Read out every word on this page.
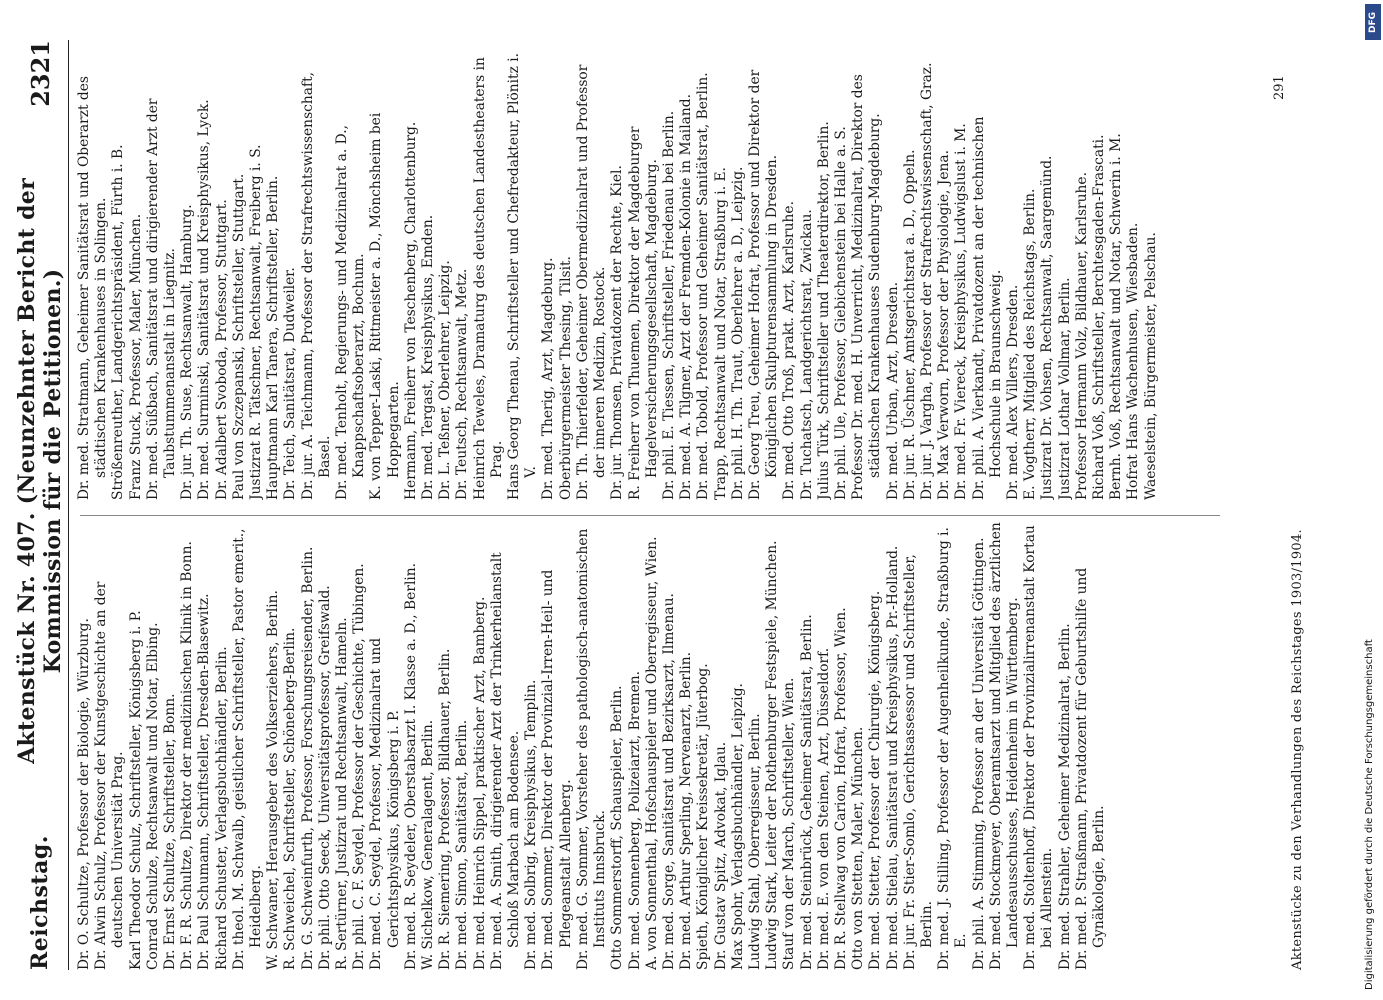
Reichstag.
Aktenstück Nr. 407. (Neunzehnter Bericht der Kommission für die Petitionen.)
2321

Dr. O. Schultze, Professor der Biologie, Würzburg. Dr. Alwin Schulz, Professor der Kunstgeschichte an der deutschen Universität Prag. Karl Theodor Schulz, Schriftsteller, Königsberg i. P. Conrad Schulze, Rechtsanwalt und Notar, Elbing. Dr. Ernst Schultze, Schriftsteller, Bonn. Dr. F. R. Schultze, Direktor der medizinischen Klinik in Bonn. Dr. Paul Schumann, Schriftsteller, Dresden-Blasewitz. Richard Schuster, Verlagsbuchhändler, Berlin. Dr. theol. M. Schwalb, geistlicher Schriftsteller, Pastor emerit., Heidelberg. W. Schwaner, Herausgeber des Volkserziehers, Berlin. R. Schweichel, Schriftsteller, Schöneberg-Berlin. Dr. G. Schweinfurth, Professor, Forschungsreisender, Berlin. Dr. phil. Otto Seeck, Universitätsprofessor, Greifswald. R. Sertürner, Justizrat und Rechtsanwalt, Hameln. Dr. phil. C. F. Seydel, Professor der Geschichte, Tübingen. Dr. med. C. Seydel, Professor, Medizinalrat und Gerichtsphysikus, Königsberg i. P. Dr. med. R. Seydeler, Oberstabsarzt I. Klasse a. D., Berlin. W. Sichelkow, Generalagent, Berlin. Dr. R. Siemering, Professor, Bildhauer, Berlin. Dr. med. Simon, Sanitätsrat, Berlin. Dr. med. Heinrich Sippel, praktischer Arzt, Bamberg. Dr. med. A. Smith, dirigierender Arzt der Trinkerheilanstalt Schloß Marbach am Bodensee. Dr. med. Solbrig, Kreisphysikus, Templin. Dr. med. Sommer, Direktor der Provinzial-Irren-Heil- und Pflegeanstalt Allenberg. Dr. med. G. Sommer, Vorsteher des pathologisch-anatomischen Instituts Innsbruck. Otto Sommerstorff, Schauspieler, Berlin. Dr. med. Sonnenberg, Polizeiarzt, Bremen. A. von Sonnenthal, Hofschauspieler und Oberregisseur, Wien. Dr. med. Sorge, Sanitätsrat und Bezirksarzt, Ilmenau. Dr. med. Arthur Sperling, Nervenarzt, Berlin. Spieth, Königlicher Kreissekretär, Jüterbog. Dr. Gustav Spitz, Advokat, Iglau. Max Spohr, Verlagsbuchhändler, Leipzig. Ludwig Stahl, Oberregisseur, Berlin. Ludwig Stark, Leiter der Rothenburger Festspiele, München. Stauf von der March, Schriftsteller, Wien. Dr. med. Steinbrück, Geheimer Sanitätsrat, Berlin. Dr. med. E. von den Steinen, Arzt, Düsseldorf. Dr. R. Stellwag von Carion, Hofrat, Professor, Wien. Otto von Stetten, Maler, München. Dr. med. Stetter, Professor der Chirurgie, Königsberg. Dr. med. Stielau, Sanitätsrat und Kreisphysikus, Pr.-Holland. Dr. jur. Fr. Stier-Somlo, Gerichtsassessor und Schriftsteller, Berlin. Dr. med. J. Stilling, Professor der Augenheilkunde, Straßburg i. E. Dr. phil. A. Stimming, Professor an der Universität Göttingen. Dr. med. Stockmeyer, Oberamtsarzt und Mitglied des ärztlichen Landesausschusses, Heidenheim in Württemberg. Dr. med. Stoltenhoff, Direktor der Provinzialirrenanstalt Kortau bei Allenstein. Dr. med. Strahler, Geheimer Medizinalrat, Berlin. Dr. med. P. Straßmann, Privatdozent für Geburtshilfe und Gynäkologie, Berlin.

Dr. med. Stratmann, Geheimer Sanitätsrat und Oberarzt des städtischen Krankenhauses in Solingen. Strößenreuther, Landgerichtspräsident, Fürth i. B. Franz Stuck, Professor, Maler, München. Dr. med. Süßbach, Sanitätsrat und dirigierender Arzt der Taubstummenanstalt in Liegnitz. Dr. jur. Th. Suse, Rechtsanwalt, Hamburg. Dr. med. Surminski, Sanitätsrat und Kreisphysikus, Lyck. Dr. Adalbert Svoboda, Professor, Stuttgart. Paul von Szczepanski, Schriftsteller, Stuttgart. Justizrat R. Tätschner, Rechtsanwalt, Freiberg i. S. Hauptmann Karl Tanera, Schriftsteller, Berlin. Dr. Teich, Sanitätsrat, Dudweiler. Dr. jur. A. Teichmann, Professor der Strafrechtswissenschaft, Basel. Dr. med. Tenholt, Regierungs- und Medizinalrat a. D., Knappschaftsoberarzt, Bochum. K. von Tepper-Laski, Rittmeister a. D., Mönchsheim bei Hoppegarten. Hermann, Freiherr von Teschenberg, Charlottenburg. Dr. med. Tergast, Kreisphysikus, Emden. Dr. L. Teßner, Oberlehrer, Leipzig. Dr. Teutsch, Rechtsanwalt, Metz. Heinrich Teweles, Dramaturg des deutschen Landestheaters in Prag. Hans Georg Thenau, Schriftsteller und Chefredakteur, Plönitz i. V. Dr. med. Therig, Arzt, Magdeburg. Oberbürgermeister Thesing, Tilsit. Dr. Th. Thierfelder, Geheimer Obermedizinalrat und Professor der inneren Medizin, Rostock. Dr. jur. Thomsen, Privatdozent der Rechte, Kiel. R. Freiherr von Thuemen, Direktor der Magdeburger Hagelversicherungsgesellschaft, Magdeburg. Dr. phil. E. Tiessen, Schriftsteller, Friedenau bei Berlin. Dr. med. A. Tilgner, Arzt der Fremden-Kolonie in Mailand. Dr. med. Tobold, Professor und Geheimer Sanitätsrat, Berlin. Trapp, Rechtsanwalt und Notar, Straßburg i. E. Dr. phil. H. Th. Traut, Oberlehrer a. D., Leipzig. Dr. Georg Treu, Geheimer Hofrat, Professor und Direktor der Königlichen Skulpturensammlung in Dresden. Dr. med. Otto Troß, prakt. Arzt, Karlsruhe. Dr. Tuchatsch, Landgerichtsrat, Zwickau. Julius Türk, Schriftsteller und Theaterdirektor, Berlin. Dr. phil. Ule, Professor, Giebichenstein bei Halle a. S. Professor Dr. med. H. Unverricht, Medizinalrat, Direktor des städtischen Krankenhauses Sudenburg-Magdeburg. Dr. med. Urban, Arzt, Dresden. Dr. jur. R. Üschner, Amtsgerichtsrat a. D., Oppeln. Dr. jur. J. Vargha, Professor der Strafrechtswissenschaft, Graz. Dr. Max Verworn, Professor der Physiologie, Jena. Dr. med. Fr. Viereck, Kreisphysikus, Ludwigslust i. M. Dr. phil. A. Vierkandt, Privatdozent an der technischen Hochschule in Braunschweig. Dr. med. Alex Villers, Dresden. E. Vogtherr, Mitglied des Reichstags, Berlin. Justizrat Dr. Vohsen, Rechtsanwalt, Saargemünd. Justizrat Lothar Vollmar, Berlin. Professor Hermann Volz, Bildhauer, Karlsruhe. Richard Voß, Schriftsteller, Berchtesgaden-Frascati. Bernh. Voß, Rechtsanwalt und Notar, Schwerin i. M. Hofrat Hans Wachenhusen, Wiesbaden. Waeselstein, Bürgermeister, Pelschau.

Aktenstücke zu den Verhandlungen des Reichstages 1903/1904.
291
DFG
Digitalisierung gefördert durch die Deutsche Forschungsgemeinschaft
